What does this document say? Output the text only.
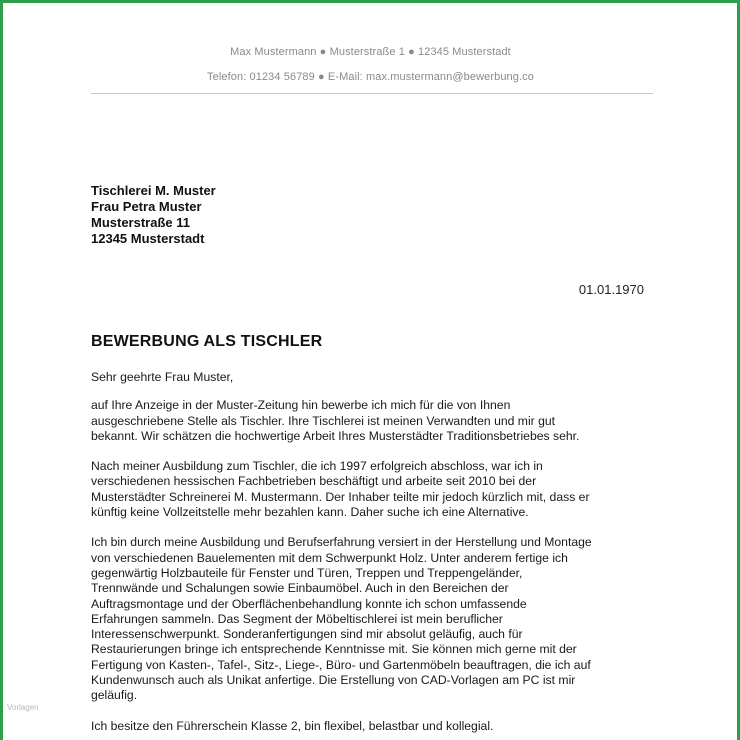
Max Mustermann ● Musterstraße 1 ● 12345 Musterstadt
Telefon: 01234 56789 ● E-Mail: max.mustermann@bewerbung.co
Tischlerei M. Muster
Frau Petra Muster
Musterstraße 11
12345 Musterstadt
01.01.1970
BEWERBUNG ALS TISCHLER

Sehr geehrte Frau Muster,

auf Ihre Anzeige in der Muster-Zeitung hin bewerbe ich mich für die von Ihnen
ausgeschriebene Stelle als Tischler. Ihre Tischlerei ist meinen Verwandten und mir gut
bekannt. Wir schätzen die hochwertige Arbeit Ihres Musterstädter Traditionsbetriebes sehr.

Nach meiner Ausbildung zum Tischler, die ich 1997 erfolgreich abschloss, war ich in
verschiedenen hessischen Fachbetrieben beschäftigt und arbeite seit 2010 bei der
Musterstädter Schreinerei M. Mustermann. Der Inhaber teilte mir jedoch kürzlich mit, dass er
künftig keine Vollzeitstelle mehr bezahlen kann. Daher suche ich eine Alternative.

Ich bin durch meine Ausbildung und Berufserfahrung versiert in der Herstellung und Montage
von verschiedenen Bauelementen mit dem Schwerpunkt Holz. Unter anderem fertige ich
gegenwärtig Holzbauteile für Fenster und Türen, Treppen und Treppengeländer,
Trennwände und Schalungen sowie Einbaumöbel. Auch in den Bereichen der
Auftragsmontage und der Oberflächenbehandlung konnte ich schon umfassende
Erfahrungen sammeln. Das Segment der Möbeltischlerei ist mein beruflicher
Interessenschwerpunkt. Sonderanfertigungen sind mir absolut geläufig, auch für
Restaurierungen bringe ich entsprechende Kenntnisse mit. Sie können mich gerne mit der
Fertigung von Kasten-, Tafel-, Sitz-, Liege-, Büro- und Gartenmöbeln beauftragen, die ich auf
Kundenwunsch auch als Unikat anfertige. Die Erstellung von CAD-Vorlagen am PC ist mir
geläufig.

Ich besitze den Führerschein Klasse 2, bin flexibel, belastbar und kollegial.

Vorlagen
